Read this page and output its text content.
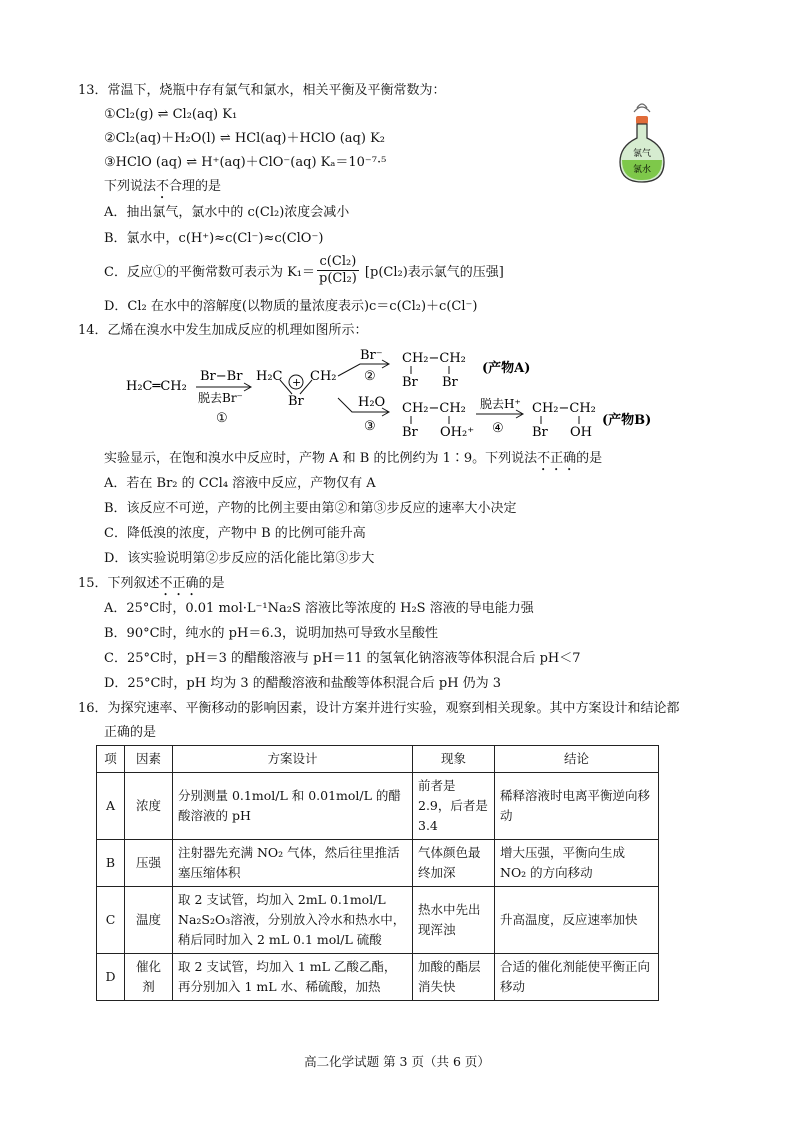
13．常温下，烧瓶中存有氯气和氯水，相关平衡及平衡常数为：
①Cl₂(g) ⇌ Cl₂(aq) K₁
②Cl₂(aq)＋H₂O(l) ⇌ HCl(aq)＋HClO (aq) K₂
③HClO (aq) ⇌ H⁺(aq)＋ClO⁻(aq) Kₐ＝10⁻⁷·⁵
下列说法不合理的是
氯气
氯水
A．抽出氯气，氯水中的 c(Cl₂)浓度会减小
B．氯水中，c(H⁺)≈c(Cl⁻)≈c(ClO⁻)
C．反应①的平衡常数可表示为 $K_1= \frac{\text{c(Cl₂)}}{\text{p(Cl₂)}} [p(Cl_2)$表示氯气的压强]
D．Cl₂ 在水中的溶解度(以物质的量浓度表示)c＝c(Cl₂)＋c(Cl⁻)
14．乙烯在溴水中发生加成反应的机理如图所示：
H₂C═CH₂
Br−Br
脱去Br⁻
①
H₂C CH₂
+
Br
Br⁻
②
CH₂−CH₂
Br Br
(产物A)
H₂O
③
CH₂−CH₂
Br OH₂⁺
脱去H⁺
④
CH₂−CH₂
Br OH
(产物B)
实验显示，在饱和溴水中反应时，产物 A 和 B 的比例约为 1∶9。下列说法不正确的是
A．若在 Br₂ 的 CCl₄ 溶液中反应，产物仅有 A
B．该反应不可逆，产物的比例主要由第②和第③步反应的速率大小决定
C．降低溴的浓度，产物中 B 的比例可能升高
D．该实验说明第②步反应的活化能比第③步大
15．下列叙述不正确的是
A．25°C时，0.01 mol·L⁻¹Na₂S 溶液比等浓度的 H₂S 溶液的导电能力强
B．90°C时，纯水的 pH＝6.3，说明加热可导致水呈酸性
C．25°C时，pH＝3 的醋酸溶液与 pH＝11 的氢氧化钠溶液等体积混合后 pH＜7
D．25°C时，pH 均为 3 的醋酸溶液和盐酸等体积混合后 pH 仍为 3
16．为探究速率、平衡移动的影响因素，设计方案并进行实验，观察到相关现象。其中方案设计和结论都
正确的是
项	因素	方案设计	现象	结论
A	浓度	分别测量 0.1mol/L 和 0.01mol/L 的醋酸溶液的 pH	前者是 2.9，后者是 3.4	稀释溶液时电离平衡逆向移动
B	压强	注射器先充满 NO₂ 气体，然后往里推活塞压缩体积	气体颜色最终加深	增大压强，平衡向生成 NO₂ 的方向移动
C	温度	取 2 支试管，均加入 2mL 0.1mol/L Na₂S₂O₃溶液，分别放入冷水和热水中，稍后同时加入 2 mL 0.1 mol/L 硫酸	热水中先出现浑浊	升高温度，反应速率加快
D	催化剂	取 2 支试管，均加入 1 mL 乙酸乙酯，再分别加入 1 mL 水、稀硫酸，加热	加酸的酯层消失快	合适的催化剂能使平衡正向移动
高二化学试题 第 3 页（共 6 页）
